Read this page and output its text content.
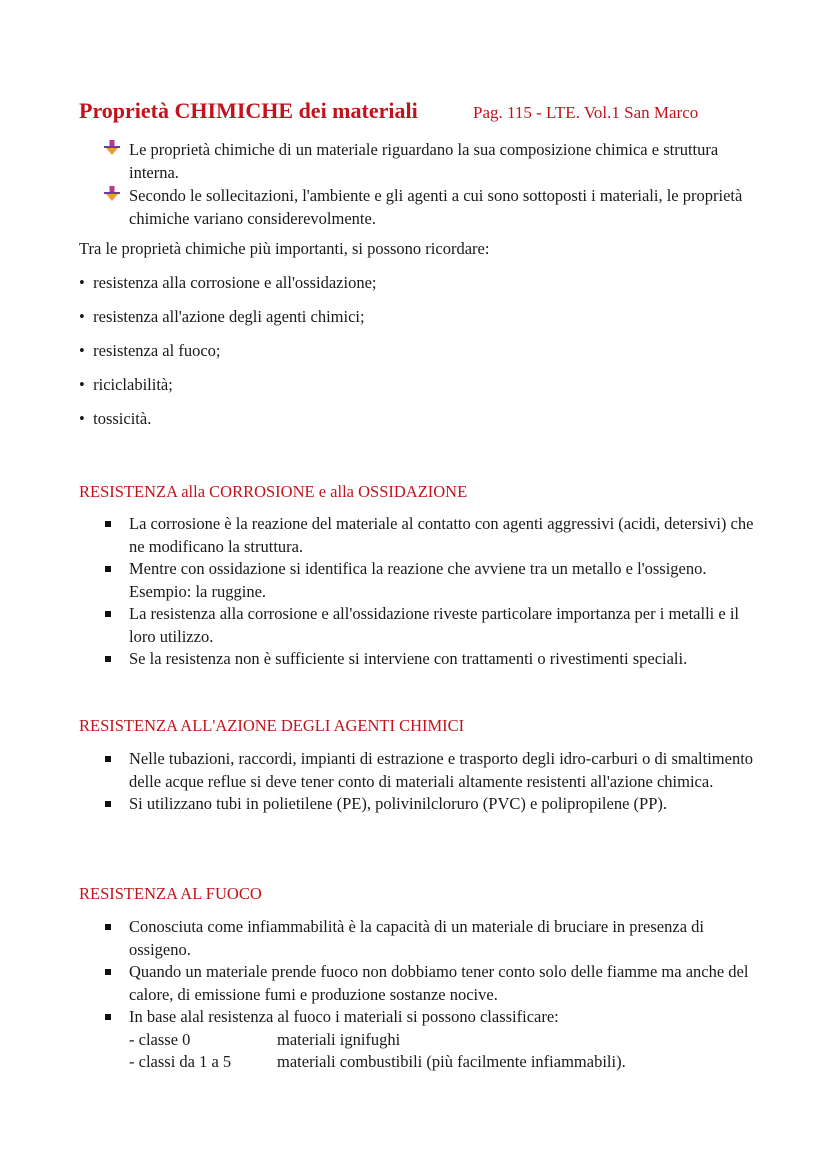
Proprietà CHIMICHE dei materiali	Pag. 115 - LTE. Vol.1 San Marco
Le proprietà chimiche di un materiale riguardano la sua composizione chimica e struttura interna.
Secondo le sollecitazioni, l'ambiente e gli agenti a cui sono sottoposti i materiali, le proprietà chimiche variano considerevolmente.
Tra le proprietà chimiche più importanti, si possono ricordare:
• resistenza alla corrosione e all'ossidazione;
• resistenza all'azione degli agenti chimici;
• resistenza al fuoco;
• riciclabilità;
• tossicità.
RESISTENZA alla CORROSIONE e alla OSSIDAZIONE
La corrosione è la reazione del materiale al contatto con agenti aggressivi (acidi, detersivi) che ne modificano la struttura.
Mentre con ossidazione si identifica la reazione che avviene tra un metallo e l'ossigeno. Esempio: la ruggine.
La resistenza alla corrosione e all'ossidazione riveste particolare importanza per i metalli e il loro utilizzo.
Se la resistenza non è sufficiente si interviene con trattamenti o rivestimenti speciali.
RESISTENZA ALL'AZIONE DEGLI AGENTI CHIMICI
Nelle tubazioni, raccordi, impianti di estrazione e trasporto degli idro-carburi o di smaltimento delle acque reflue si deve tener conto di materiali altamente resistenti all'azione chimica.
Si utilizzano tubi in polietilene (PE), polivinilcloruro (PVC) e polipropilene (PP).
RESISTENZA AL FUOCO
Conosciuta come infiammabilità è la capacità di un materiale di bruciare in presenza di ossigeno.
Quando un materiale prende fuoco non dobbiamo tener conto solo delle fiamme ma anche del calore, di emissione fumi e produzione sostanze nocive.
In base alal resistenza al fuoco i materiali si possono classificare:
- classe 0	materiali ignifughi
- classi da 1 a 5	materiali combustibili (più facilmente infiammabili).
